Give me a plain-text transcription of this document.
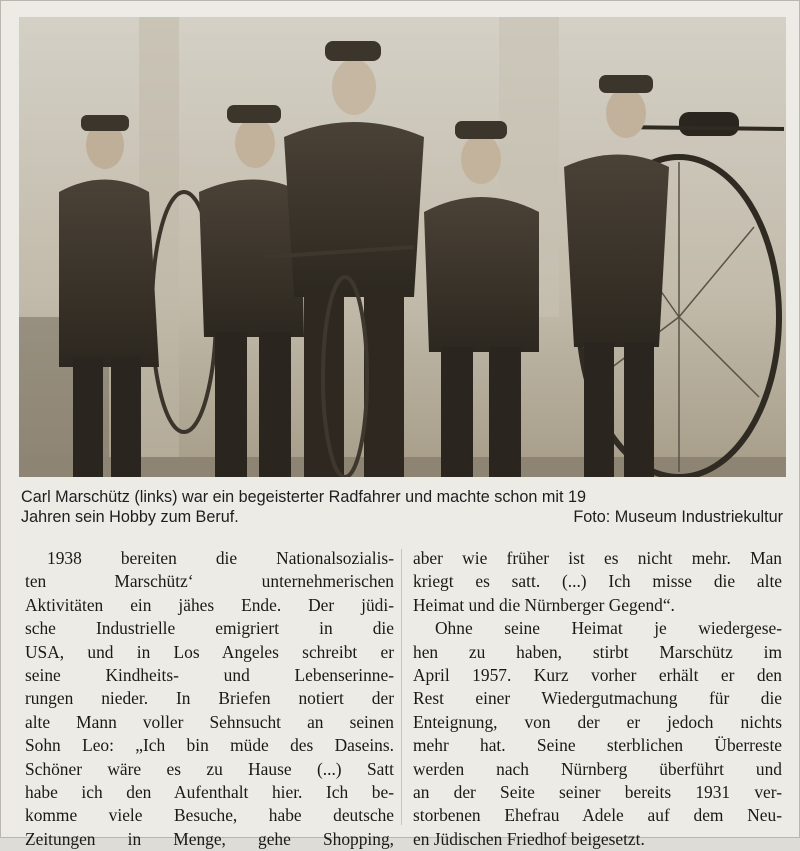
Carl Marschütz (links) war ein begeisterter Radfahrer und machte schon mit 19
Jahren sein Hobby zum Beruf.	Foto: Museum Industriekultur
1938 bereiten die Nationalsozialis-
ten Marschütz‘ unternehmerischen
Aktivitäten ein jähes Ende. Der jüdi-
sche Industrielle emigriert in die
USA, und in Los Angeles schreibt er
seine Kindheits- und Lebenserinne-
rungen nieder. In Briefen notiert der
alte Mann voller Sehnsucht an seinen
Sohn Leo: „Ich bin müde des Daseins.
Schöner wäre es zu Hause (...) Satt
habe ich den Aufenthalt hier. Ich be-
komme viele Besuche, habe deutsche
Zeitungen in Menge, gehe Shopping,
aber wie früher ist es nicht mehr. Man
kriegt es satt. (...) Ich misse die alte
Heimat und die Nürnberger Gegend“.
Ohne seine Heimat je wiedergese-
hen zu haben, stirbt Marschütz im
April 1957. Kurz vorher erhält er den
Rest einer Wiedergutmachung für die
Enteignung, von der er jedoch nichts
mehr hat. Seine sterblichen Überreste
werden nach Nürnberg überführt und
an der Seite seiner bereits 1931 ver-
storbenen Ehefrau Adele auf dem Neu-
en Jüdischen Friedhof beigesetzt.
